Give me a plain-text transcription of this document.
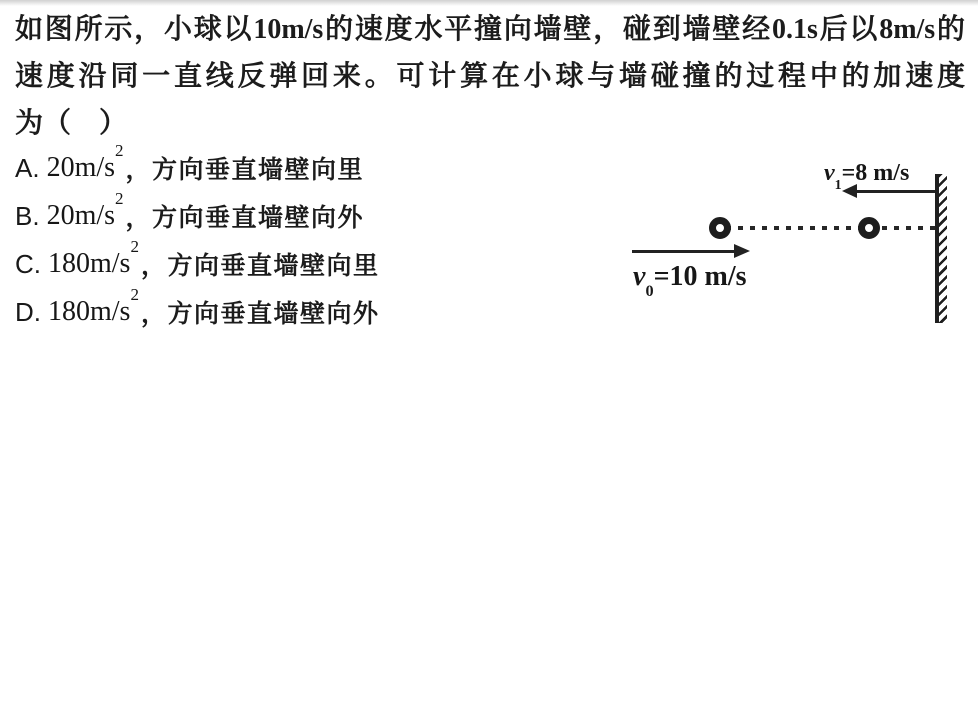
如图所示，小球以10m/s的速度水平撞向墙壁，碰到墙壁经0.1s后以8m/s的
速度沿同一直线反弹回来。可计算在小球与墙碰撞的过程中的加速度
为（　）
A. $20m/s^2$
，方向垂直墙壁向里
B. $20m/s^2$
，方向垂直墙壁向外
C. $180m/s^2$
，方向垂直墙壁向里
D. $180m/s^2$
，方向垂直墙壁向外
$v_1=8$ m/s
$v_0=10$ m/s
